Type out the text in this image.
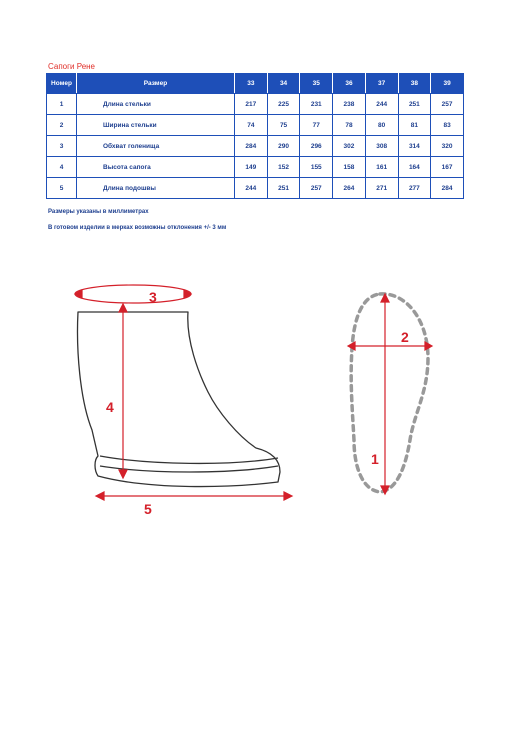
Сапоги Рене
Номер	Размер	33	34	35	36	37	38	39
1	Длина стельки	217	225	231	238	244	251	257
2	Ширина стельки	74	75	77	78	80	81	83
3	Обхват голенища	284	290	296	302	308	314	320
4	Высота сапога	149	152	155	158	161	164	167
5	Длина подошвы	244	251	257	264	271	277	284
Размеры указаны в миллиметрах
В готовом изделии в мерках возможны отклонения +/- 3 мм
3
4
5
2
1
